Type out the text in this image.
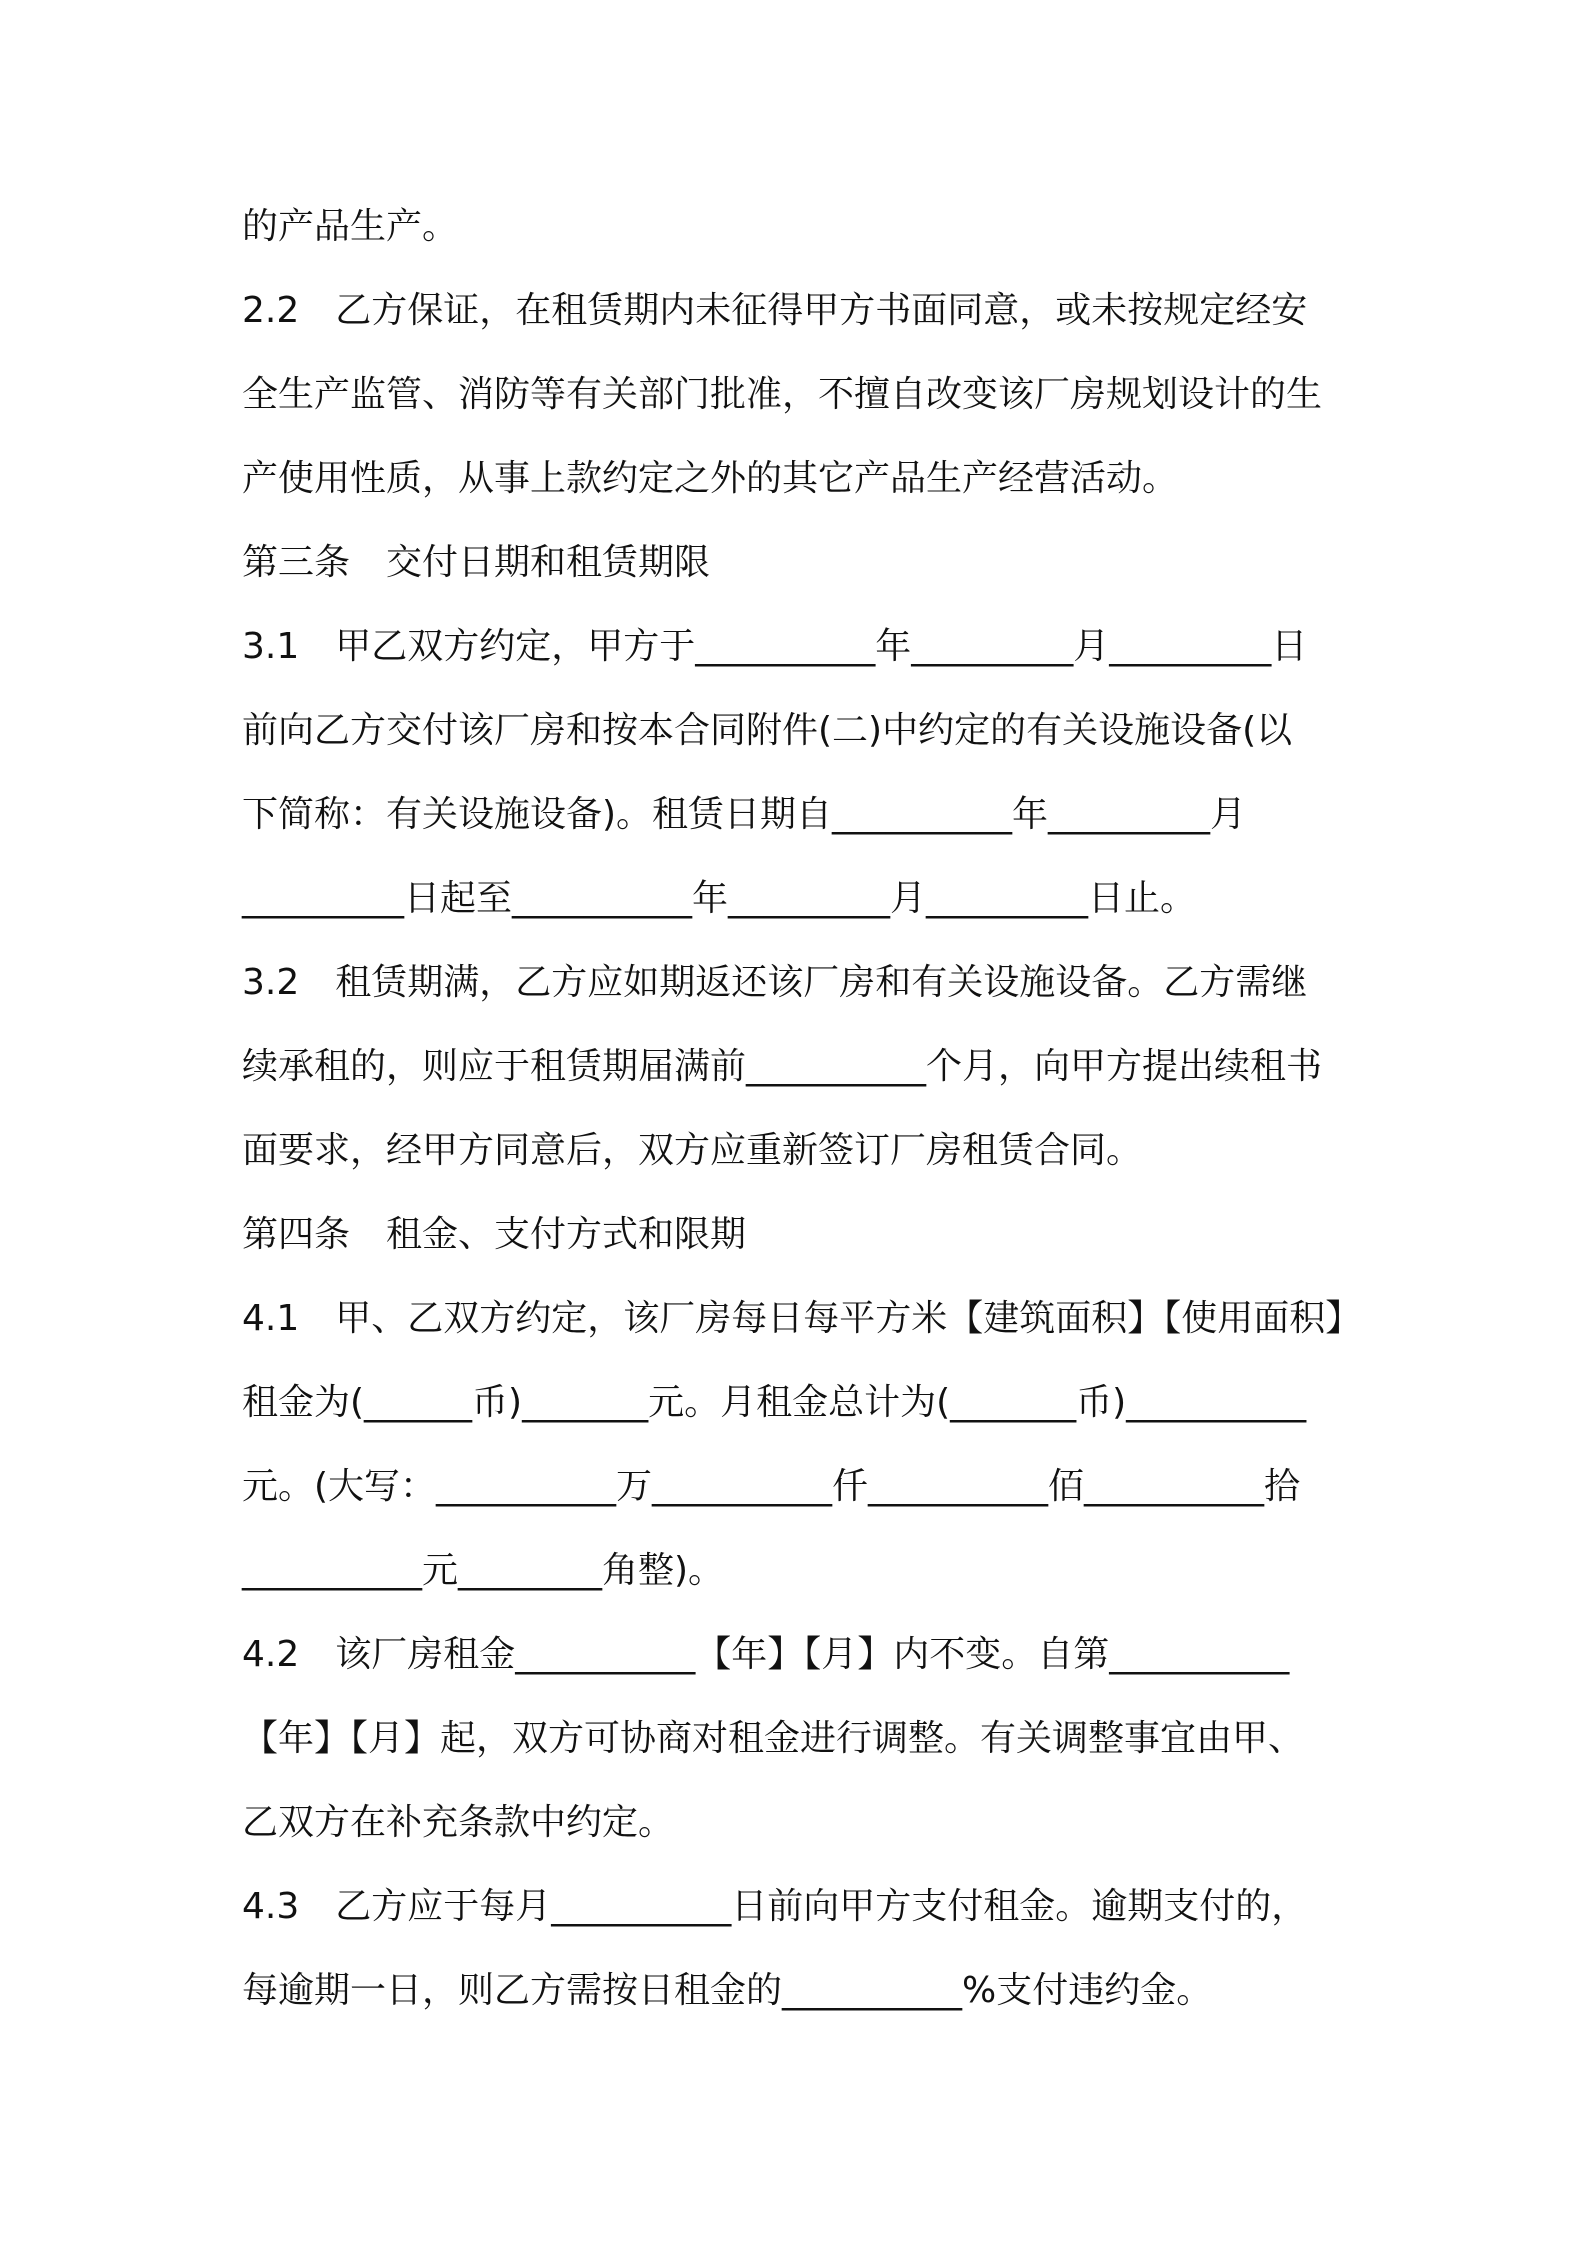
的产品生产。
2.2　乙方保证，在租赁期内未征得甲方书面同意，或未按规定经安
全生产监管、消防等有关部门批准，不擅自改变该厂房规划设计的生
产使用性质，从事上款约定之外的其它产品生产经营活动。
第三条　交付日期和租赁期限
3.1　甲乙双方约定，甲方于__________年_________月_________日
前向乙方交付该厂房和按本合同附件(二)中约定的有关设施设备(以
下简称：有关设施设备)。租赁日期自__________年_________月
_________日起至__________年_________月_________日止。
3.2　租赁期满，乙方应如期返还该厂房和有关设施设备。乙方需继
续承租的，则应于租赁期届满前__________个月，向甲方提出续租书
面要求，经甲方同意后，双方应重新签订厂房租赁合同。
第四条　租金、支付方式和限期
4.1　甲、乙双方约定，该厂房每日每平方米【建筑面积】【使用面积】
租金为(______币)_______元。月租金总计为(_______币)__________
元。(大写：__________万__________仟__________佰__________拾
__________元________角整)。
4.2　该厂房租金__________【年】【月】内不变。自第__________
【年】【月】起，双方可协商对租金进行调整。有关调整事宜由甲、
乙双方在补充条款中约定。
4.3　乙方应于每月__________日前向甲方支付租金。逾期支付的，
每逾期一日，则乙方需按日租金的__________%支付违约金。
